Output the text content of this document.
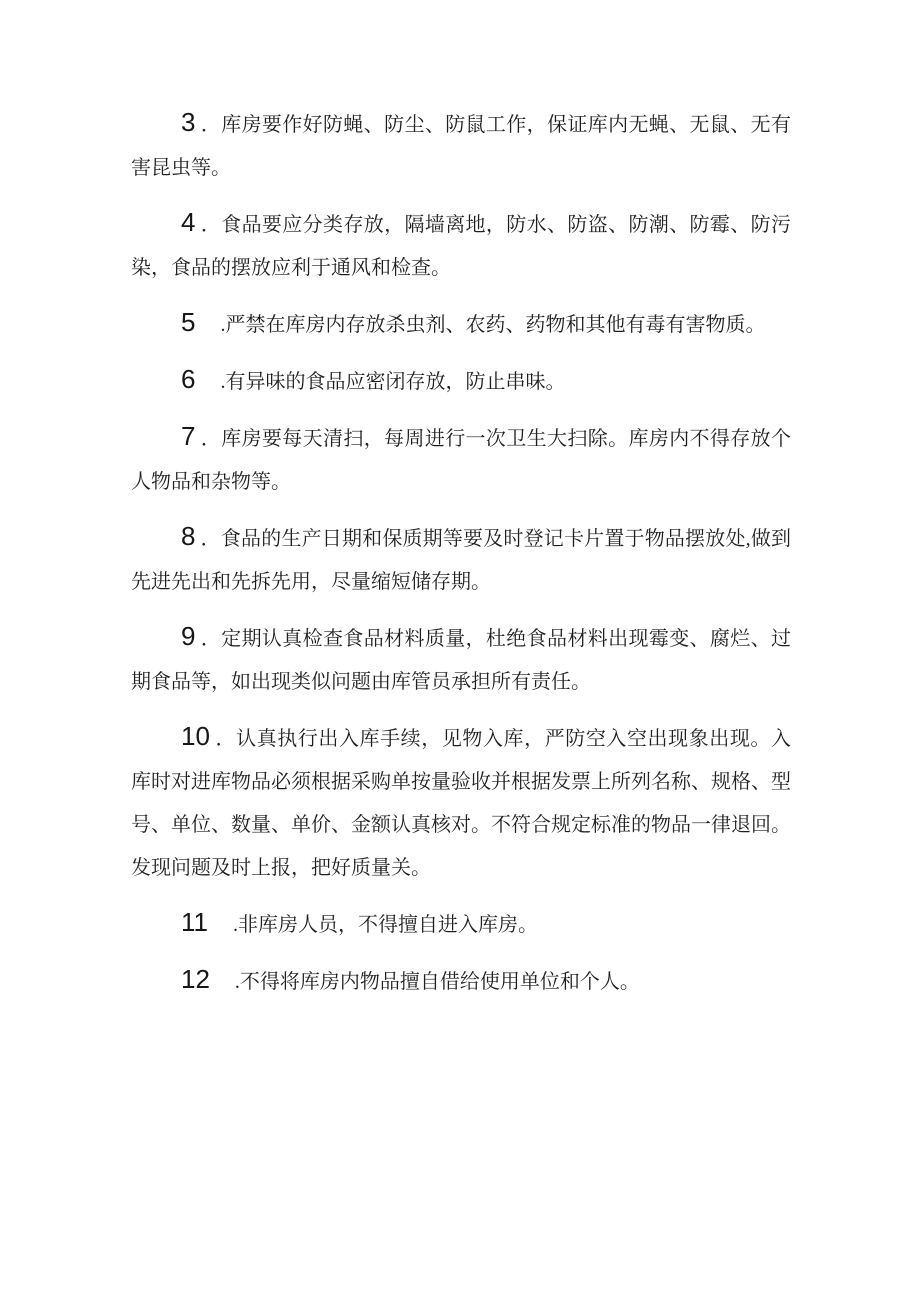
3 ．库房要作好防蝇、防尘、防鼠工作，保证库内无蝇、无鼠、无有害昆虫等。

4 ．食品要应分类存放，隔墙离地，防水、防盗、防潮、防霉、防污染，食品的摆放应利于通风和检查。

5　 .严禁在库房内存放杀虫剂、农药、药物和其他有毒有害物质。

6　 .有异味的食品应密闭存放，防止串味。

7 ．库房要每天清扫，每周进行一次卫生大扫除。库房内不得存放个人物品和杂物等。

8 ．食品的生产日期和保质期等要及时登记卡片置于物品摆放处,做到先进先出和先拆先用，尽量缩短储存期。

9 ．定期认真检查食品材料质量，杜绝食品材料出现霉变、腐烂、过期食品等，如出现类似问题由库管员承担所有责任。

10 ．认真执行出入库手续，见物入库，严防空入空出现象出现。入库时对进库物品必须根据采购单按量验收并根据发票上所列名称、规格、型号、单位、数量、单价、金额认真核对。不符合规定标准的物品一律退回。发现问题及时上报，把好质量关。

11　 .非库房人员，不得擅自进入库房。

12　 .不得将库房内物品擅自借给使用单位和个人。
